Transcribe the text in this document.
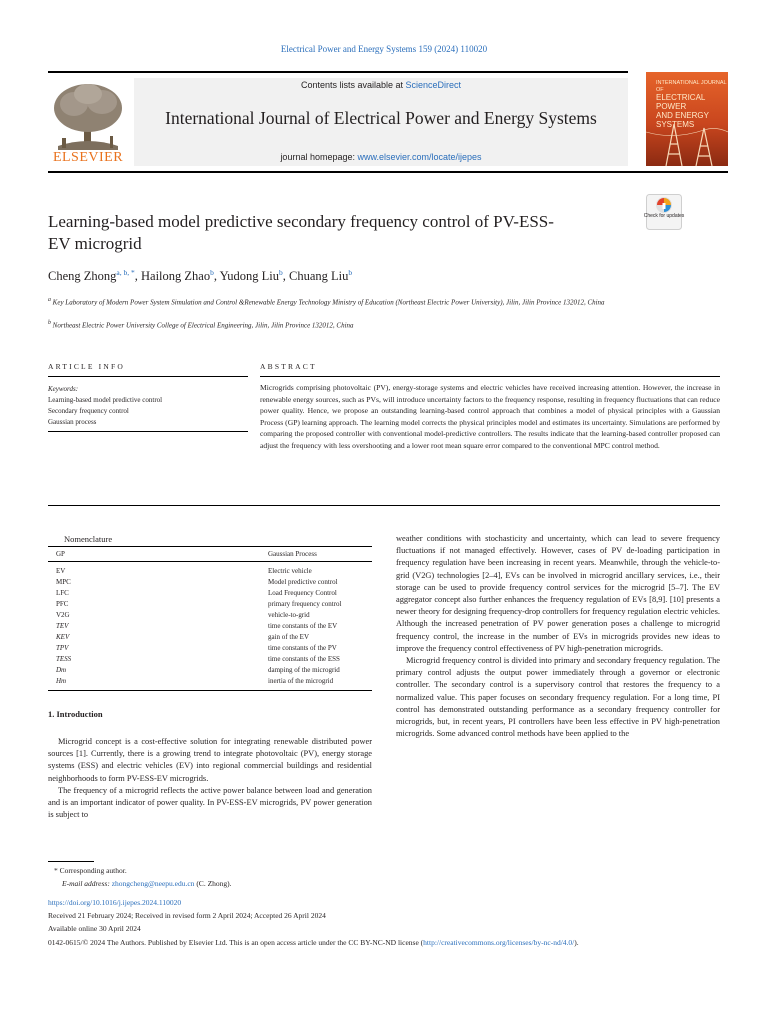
Electrical Power and Energy Systems 159 (2024) 110020
ELSEVIER
Contents lists available at ScienceDirect
International Journal of Electrical Power and Energy Systems
journal homepage: www.elsevier.com/locate/ijepes
INTERNATIONAL JOURNAL OF
ELECTRICAL
POWER
AND ENERGY
SYSTEMS
Learning-based model predictive secondary frequency control of PV-ESS-EV microgrid
Check for updates
Cheng Zhong$^{a, b, *}$, Hailong Zhao$^b$, Yudong Liu$^b$, Chuang Liu$^b$
$^a$ Key Laboratory of Modern Power System Simulation and Control &Renewable Energy Technology Ministry of Education (Northeast Electric Power University), Jilin, Jilin Province 132012, China
$^b$ Northeast Electric Power University College of Electrical Engineering, Jilin, Jilin Province 132012, China
ARTICLE INFO	ABSTRACT
Keywords:
Learning-based model predictive control
Secondary frequency control
Gaussian process
Microgrids comprising photovoltaic (PV), energy-storage systems and electric vehicles have received increasing attention. However, the increase in renewable energy sources, such as PVs, will introduce uncertainty factors to the frequency response, resulting in frequency fluctuations that can reduce power quality. Hence, we propose an outstanding learning-based control approach that combines a model of physical principles with a Gaussian Process (GP) learning approach. The learning model corrects the physical principles model and estimates its uncertainty. Simulations are performed by comparing the proposed controller with conventional model-predictive controllers. The results indicate that the learning-based controller proposed can adjust the frequency with less overshooting and a lower root mean square error compared to the conventional MPC control method.
Nomenclature
GP	Gaussian Process
EV	Electric vehicle
MPC	Model predictive control
LFC	Load Frequency Control
PFC	primary frequency control
V2G	vehicle-to-grid
TEV	time constants of the EV
KEV	gain of the EV
TPV	time constants of the PV
TESS	time constants of the ESS
Dm	damping of the microgrid
Hm	inertia of the microgrid
1. Introduction

Microgrid concept is a cost-effective solution for integrating renewable distributed power sources [1]. Currently, there is a growing trend to integrate photovoltaic (PV), energy storage systems (ESS) and electric vehicles (EV) into regional commercial buildings and residential neighborhoods to form PV-ESS-EV microgrids.

The frequency of a microgrid reflects the active power balance between load and generation and is an important indicator of power quality. In PV-ESS-EV microgrids, PV power generation is subject to

weather conditions with stochasticity and uncertainty, which can lead to severe frequency fluctuations if not managed effectively. However, cases of PV de-loading participation in frequency regulation have been increasing in recent years. Meanwhile, through the vehicle-to-grid (V2G) technologies [2–4], EVs can be involved in microgrid ancillary services, i.e., their storage can be used to provide frequency control services for the microgrid [5–7]. The EV aggregator concept also further enhances the frequency regulation of EVs [8,9]. [10] presents a newer theory for designing frequency-drop controllers for frequency regulation electric vehicles. Although the increased penetration of PV power generation poses a challenge to microgrid frequency control, the increase in the number of EVs in microgrids provides new ideas to improve the frequency control effectiveness of PV high-penetration microgrids.

Microgrid frequency control is divided into primary and secondary frequency regulation. The primary control adjusts the output power immediately through a governor or electronic controller. The secondary control is a supervisory control that restores the frequency to a normalized value. This paper focuses on secondary frequency regulation. For a long time, PI control has demonstrated outstanding performance as a secondary frequency controller for microgrids, but, in recent years, PI controllers have been less effective in PV high-penetration microgrids. Some advanced control methods have been applied to the

* Corresponding author.
E-mail address: zhongcheng@neepu.edu.cn (C. Zhong).
https://doi.org/10.1016/j.ijepes.2024.110020
Received 21 February 2024; Received in revised form 2 April 2024; Accepted 26 April 2024
Available online 30 April 2024
0142-0615/© 2024 The Authors. Published by Elsevier Ltd. This is an open access article under the CC BY-NC-ND license (http://creativecommons.org/licenses/by-nc-nd/4.0/).
